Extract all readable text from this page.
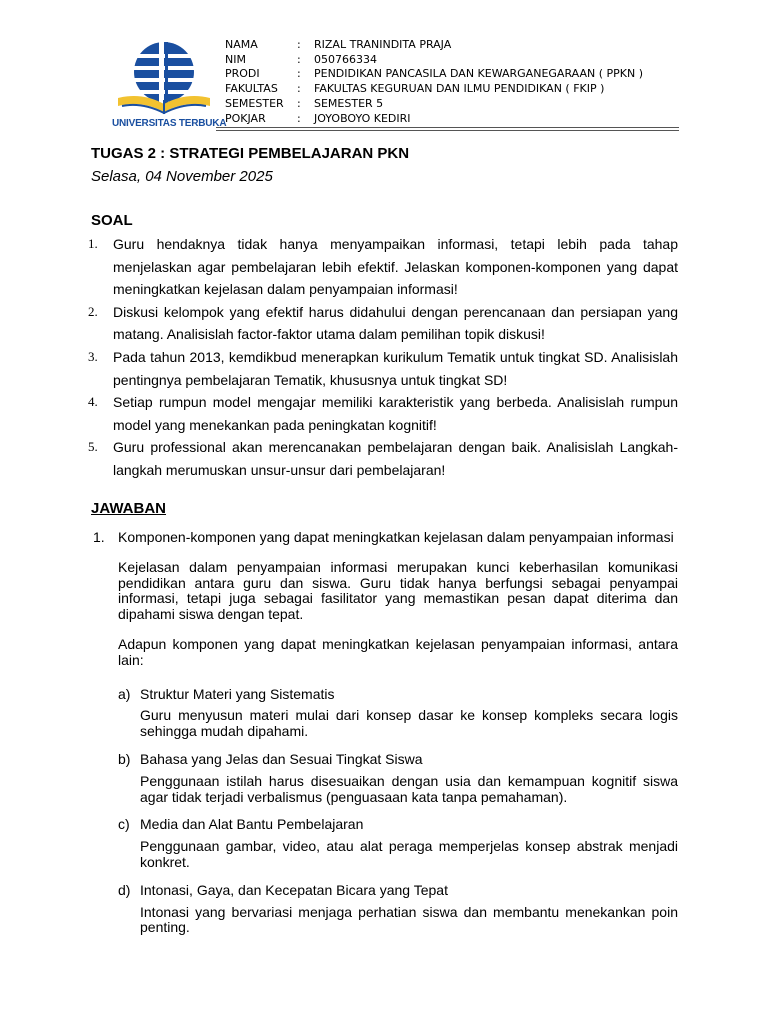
UNIVERSITAS TERBUKA
NAMA	:	RIZAL TRANINDITA PRAJA
NIM	:	050766334
PRODI	:	PENDIDIKAN PANCASILA DAN KEWARGANEGARAAN ( PPKN )
FAKULTAS	:	FAKULTAS KEGURUAN DAN ILMU PENDIDIKAN ( FKIP )
SEMESTER	:	SEMESTER 5
POKJAR	:	JOYOBOYO KEDIRI
TUGAS 2 : STRATEGI PEMBELAJARAN PKN
Selasa, 04 November 2025
SOAL
1.	Guru hendaknya tidak hanya menyampaikan informasi, tetapi lebih pada tahap menjelaskan agar pembelajaran lebih efektif. Jelaskan komponen-komponen yang dapat meningkatkan kejelasan dalam penyampaian informasi!
2.	Diskusi kelompok yang efektif harus didahului dengan perencanaan dan persiapan yang matang. Analisislah factor-faktor utama dalam pemilihan topik diskusi!
3.	Pada tahun 2013, kemdikbud menerapkan kurikulum Tematik untuk tingkat SD. Analisislah pentingnya pembelajaran Tematik, khususnya untuk tingkat SD!
4.	Setiap rumpun model mengajar memiliki karakteristik yang berbeda. Analisislah rumpun model yang menekankan pada peningkatan kognitif!
5.	Guru professional akan merencanakan pembelajaran dengan baik. Analisislah Langkah-langkah merumuskan unsur-unsur dari pembelajaran!
JAWABAN
1. Komponen-komponen yang dapat meningkatkan kejelasan dalam penyampaian informasi
Kejelasan dalam penyampaian informasi merupakan kunci keberhasilan komunikasi pendidikan antara guru dan siswa. Guru tidak hanya berfungsi sebagai penyampai informasi, tetapi juga sebagai fasilitator yang memastikan pesan dapat diterima dan dipahami siswa dengan tepat.
Adapun komponen yang dapat meningkatkan kejelasan penyampaian informasi, antara lain:
a) Struktur Materi yang Sistematis
Guru menyusun materi mulai dari konsep dasar ke konsep kompleks secara logis sehingga mudah dipahami.
b) Bahasa yang Jelas dan Sesuai Tingkat Siswa
Penggunaan istilah harus disesuaikan dengan usia dan kemampuan kognitif siswa agar tidak terjadi verbalismus (penguasaan kata tanpa pemahaman).
c) Media dan Alat Bantu Pembelajaran
Penggunaan gambar, video, atau alat peraga memperjelas konsep abstrak menjadi konkret.
d) Intonasi, Gaya, dan Kecepatan Bicara yang Tepat
Intonasi yang bervariasi menjaga perhatian siswa dan membantu menekankan poin penting.
